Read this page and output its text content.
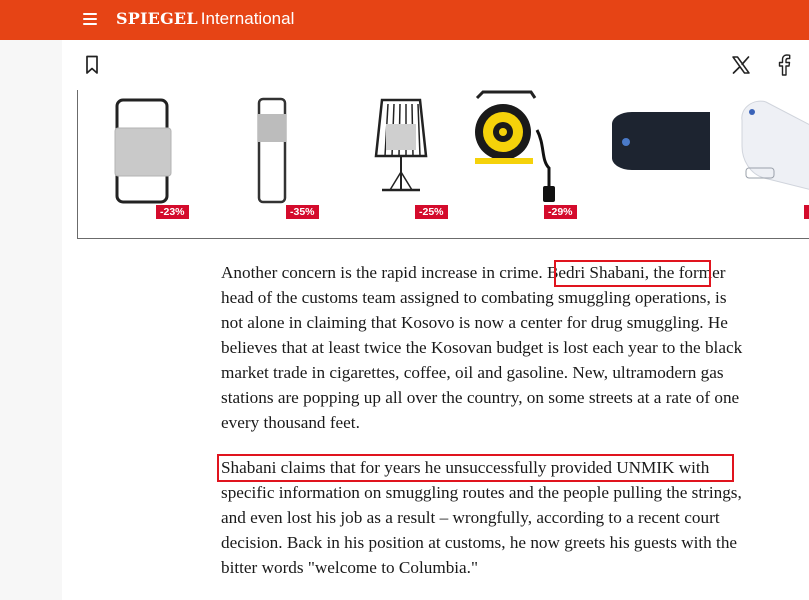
SPIEGEL International
-23%	-35%	-25%	-29%

Another concern is the rapid increase in crime. Bedri Shabani, the former head of the customs team assigned to combating smuggling operations, is not alone in claiming that Kosovo is now a center for drug smuggling. He believes that at least twice the Kosovan budget is lost each year to the black market trade in cigarettes, coffee, oil and gasoline. New, ultramodern gas stations are popping up all over the country, on some streets at a rate of one every thousand feet.

Shabani claims that for years he unsuccessfully provided UNMIK with specific information on smuggling routes and the people pulling the strings, and even lost his job as a result – wrongfully, according to a recent court decision. Back in his position at customs, he now greets his guests with the bitter words "welcome to Columbia."
